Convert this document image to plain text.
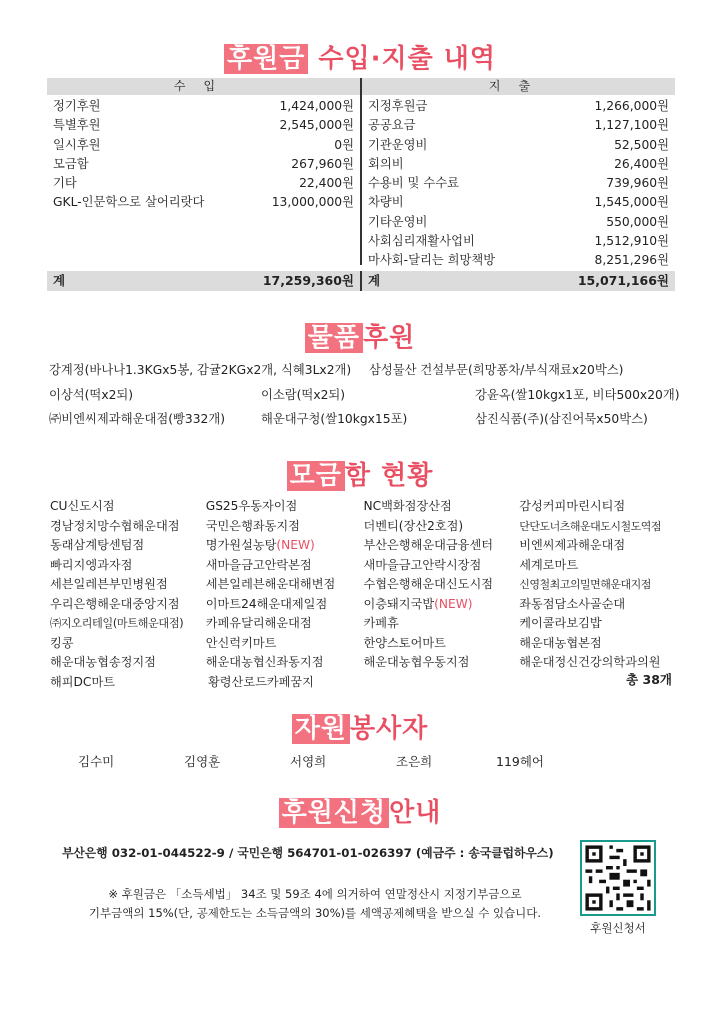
후원금 수입·지출 내역
수입	지출
정기후원	1,424,000원
특별후원	2,545,000원
일시후원	0원
모금함	267,960원
기타	22,400원
GKL-인문학으로 살어리랏다	13,000,000원
지정후원금	1,266,000원
공공요금	1,127,100원
기관운영비	52,500원
회의비	26,400원
수용비 및 수수료	739,960원
차량비	1,545,000원
기타운영비	550,000원
사회심리재활사업비	1,512,910원
마사회-달리는 희망책방	8,251,296원
계	17,259,360원 계	15,071,166원
물품 후원
강계정(바나나1.3KGx5봉, 감귤2KGx2개, 식혜3Lx2개) 삼성물산 건설부문(희망퐁차/부식재료x20박스)
이상석(떡x2되)	이소람(떡x2되)	강윤옥(쌀10kgx1포, 비타500x20개)
㈜비엔씨제과해운대점(빵332개)	해운대구청(쌀10kgx15포)	삼진식품(주)(삼진어묵x50박스)
모금 함 현황
CU신도시점	GS25우동자이점	NC백화점장산점	감성커피마린시티점
경남정치망수협해운대점	국민은행좌동지점	더벤티(장산2호점)	단단도너츠해운대도시철도역점
동래삼계탕센텀점	명가원설농탕(NEW)	부산은행해운대금융센터	비엔씨제과해운대점
빠리지엥과자점	새마을금고안락본점	새마을금고안락시장점	세계로마트
세븐일레븐부민병원점	세븐일레븐해운대해변점	수협은행해운대신도시점	신영철최고의밀면해운대지점
우리은행해운대중앙지점	이마트24해운대제일점	이층돼지국밥(NEW)	좌동점담소사골순대
㈜지오리테일(마트해운대점)	카페유달리해운대점	카페휴	케이콜라보김밥
킹콩	안신럭키마트	한양스토어마트	해운대농협본점
해운대농협송정지점	해운대농협신좌동지점	해운대농협우동지점	해운대정신건강의학과의원
해피DC마트	황령산로드카페꿈지	총 38개
자원 봉사자
김수미	김영훈	서영희	조은희	119헤어
후원신청 안내
부산은행 032-01-044522-9 / 국민은행 564701-01-026397 (예금주 : 송국클럽하우스)
※ 후원금은 「소득세법」 34조 및 59조 4에 의거하여 연말정산시 지정기부금으로
기부금액의 15%(단, 공제한도는 소득금액의 30%)를 세액공제혜택을 받으실 수 있습니다.
후원신청서
